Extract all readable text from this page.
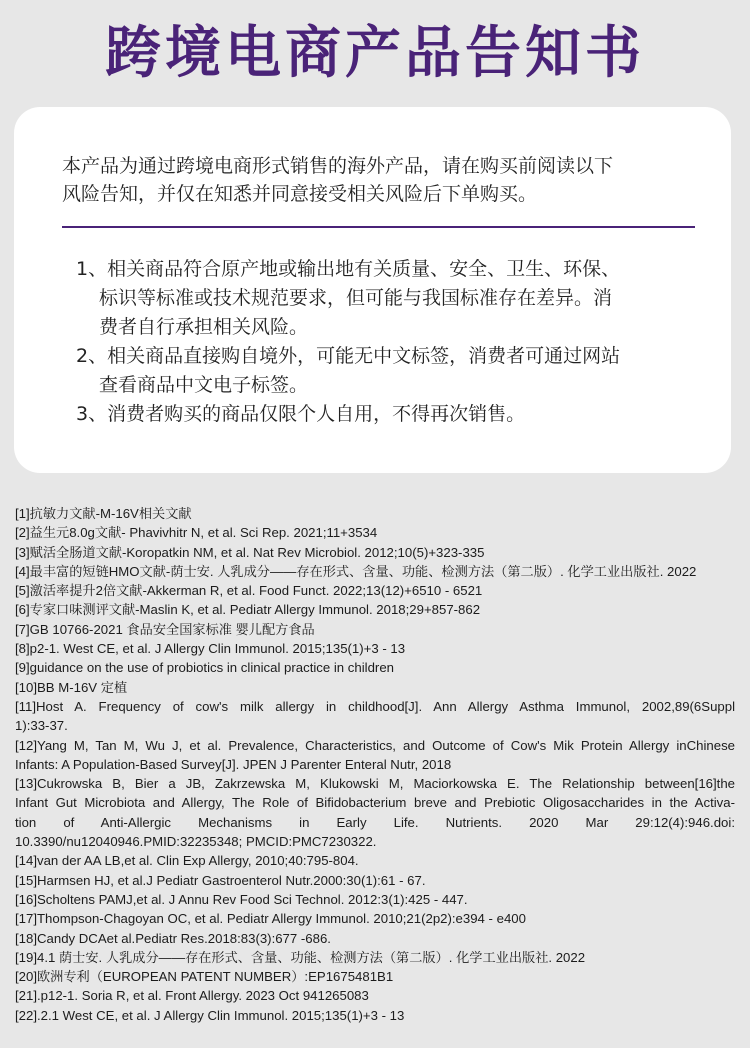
跨境电商产品告知书
本产品为通过跨境电商形式销售的海外产品，请在购买前阅读以下
风险告知，并仅在知悉并同意接受相关风险后下单购买。
1、相关商品符合原产地或输出地有关质量、安全、卫生、环保、
标识等标准或技术规范要求，但可能与我国标准存在差异。消
费者自行承担相关风险。
2、相关商品直接购自境外，可能无中文标签，消费者可通过网站
查看商品中文电子标签。
3、消费者购买的商品仅限个人自用，不得再次销售。
[1]抗敏力文献-M-16V相关文献
[2]益生元8.0g文献- Phavivhitr N, et al. Sci Rep. 2021;11+3534
[3]赋活全肠道文献-Koropatkin NM, et al. Nat Rev Microbiol. 2012;10(5)+323-335
[4]最丰富的短链HMO文献-荫士安. 人乳成分——存在形式、含量、功能、检测方法（第二版）. 化学工业出版社. 2022
[5]激活率提升2倍文献-Akkerman R, et al. Food Funct. 2022;13(12)+6510 - 6521
[6]专家口味测评文献-Maslin K, et al. Pediatr Allergy Immunol. 2018;29+857-862
[7]GB 10766-2021 食品安全国家标准 婴儿配方食品
[8]p2-1. West CE, et al. J Allergy Clin Immunol. 2015;135(1)+3 - 13
[9]guidance on the use of probiotics in clinical practice in children
[10]BB M-16V 定植
[11]Host A. Frequency of cow's milk allergy in childhood[J]. Ann Allergy Asthma Immunol, 2002,89(6Suppl
1):33-37.
[12]Yang M, Tan M, Wu J, et al. Prevalence, Characteristics, and Outcome of Cow's Mik Protein Allergy inChinese
Infants: A Population-Based Survey[J]. JPEN J Parenter Enteral Nutr, 2018
[13]Cukrowska B, Bier a JB, Zakrzewska M, Klukowski M, Maciorkowska E. The Relationship between[16]the
Infant Gut Microbiota and Allergy, The Role of Bifidobacterium breve and Prebiotic Oligosaccharides in the Activa-
tion of Anti-Allergic Mechanisms in Early Life. Nutrients. 2020 Mar 29:12(4):946.doi:
10.3390/nu12040946.PMID:32235348; PMCID:PMC7230322.
[14]van der AA LB,et al. Clin Exp Allergy, 2010;40:795-804.
[15]Harmsen HJ, et al.J Pediatr Gastroenterol Nutr.2000:30(1):61 - 67.
[16]Scholtens PAMJ,et al. J Annu Rev Food Sci Technol. 2012:3(1):425 - 447.
[17]Thompson-Chagoyan OC, et al. Pediatr Allergy Immunol. 2010;21(2p2):e394 - e400
[18]Candy DCAet al.Pediatr Res.2018:83(3):677 -686.
[19]4.1 荫士安. 人乳成分——存在形式、含量、功能、检测方法（第二版）. 化学工业出版社. 2022
[20]欧洲专利（EUROPEAN PATENT NUMBER）:EP1675481B1
[21].p12-1. Soria R, et al. Front Allergy. 2023 Oct 941265083
[22].2.1 West CE, et al. J Allergy Clin Immunol. 2015;135(1)+3 - 13
